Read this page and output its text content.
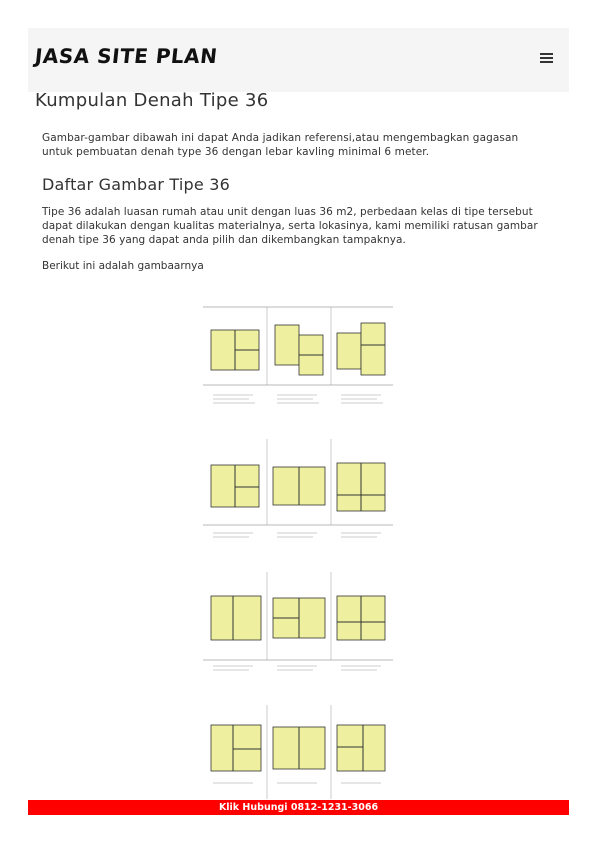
JASA SITE PLAN
Kumpulan Denah Tipe 36

Gambar-gambar dibawah ini dapat Anda jadikan referensi,atau mengembagkan gagasan untuk pembuatan denah type 36 dengan lebar kavling minimal 6 meter.

Daftar Gambar Tipe 36

Tipe 36 adalah luasan rumah atau unit dengan luas 36 m2, perbedaan kelas di tipe tersebut dapat dilakukan dengan kualitas materialnya, serta lokasinya, kami memiliki ratusan gambar denah tipe 36 yang dapat anda pilih dan dikembangkan tampaknya.

Berikut ini adalah gambaarnya

Klik Hubungi 0812-1231-3066
